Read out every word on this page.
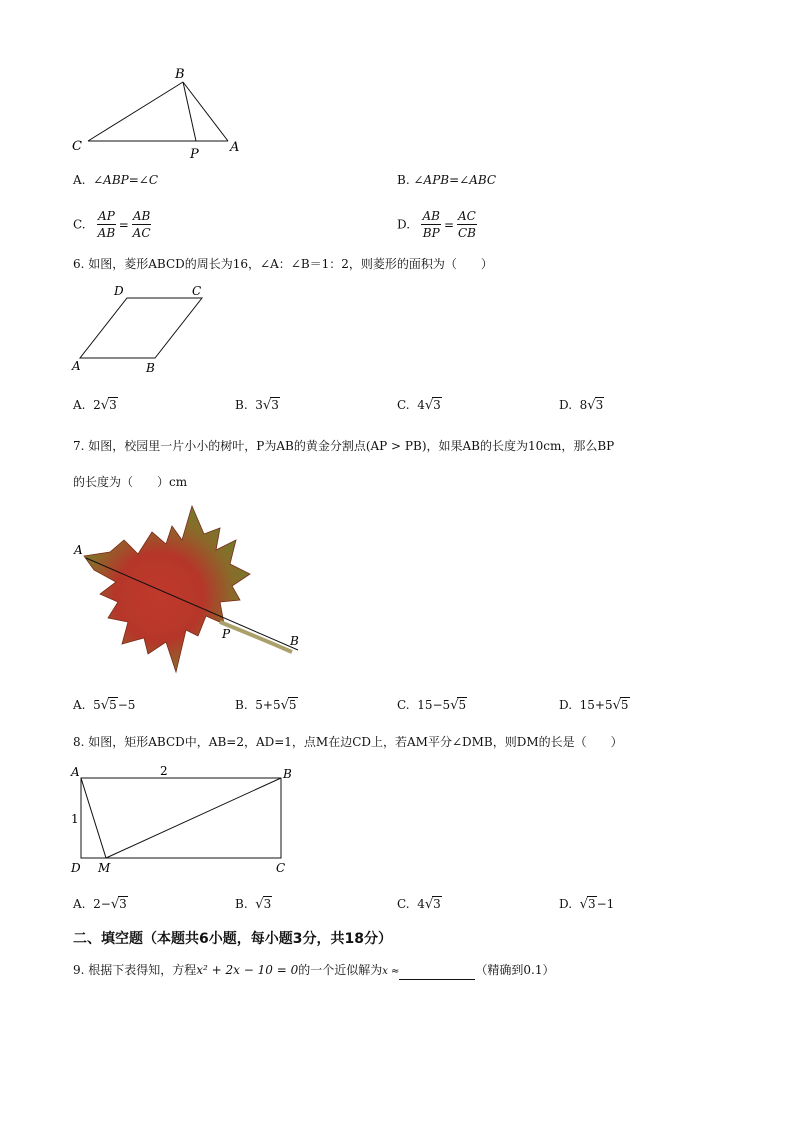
B
C
P A
A. ∠ABP=∠C	B. ∠APB=∠ABC
C. $\frac{AP}{AB} = \frac{AB}{AC}$	D. $\frac{AB}{BP} = \frac{AC}{CB}$
6. 如图，菱形ABCD的周长为16，∠A：∠B＝1：2，则菱形的面积为（　　）
D	C
A	B
A. 2√3	B. 3√3	C. 4√3	D. 8√3
7. 如图，校园里一片小小的树叶，P为AB的黄金分割点(AP > PB)，如果AB的长度为10cm，那么BP
的长度为（　　）cm
A
P	B
A. 5√5−5	B. 5+5√5	C. 15−5√5	D. 15+5√5
8. 如图，矩形ABCD中，AB=2，AD=1，点M在边CD上，若AM平分∠DMB，则DM的长是（　　）
A	2	B
1
D M	C
A. 2−√3	B. √3	C. 4√3	D. √3−1
二、填空题（本题共6小题，每小题3分，共18分）
9. 根据下表得知，方程x² + 2x − 10 = 0的一个近似解为x ≈	（精确到0.1）
